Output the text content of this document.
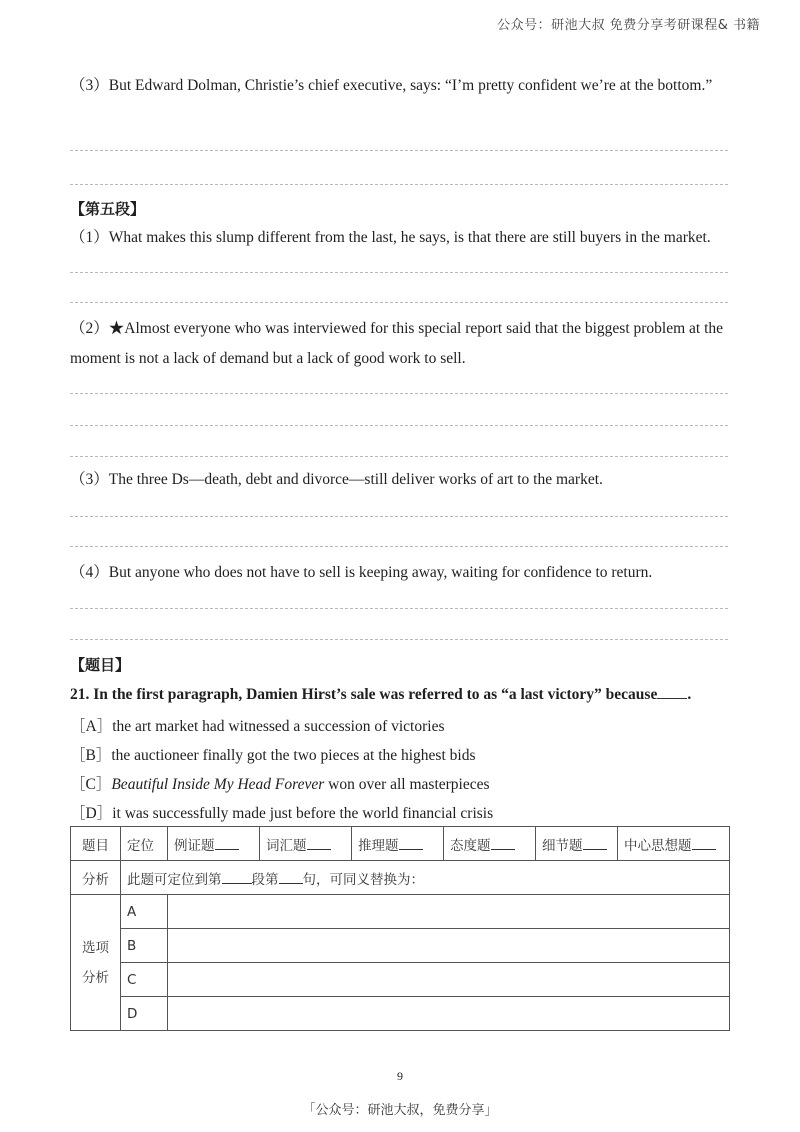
公众号：研池大叔 免费分享考研课程& 书籍
（3）But Edward Dolman, Christie’s chief executive, says: “I’m pretty confident we’re at the bottom.”
【第五段】
（1）What makes this slump different from the last, he says, is that there are still buyers in the market.
（2）★Almost everyone who was interviewed for this special report said that the biggest problem at the moment is not a lack of demand but a lack of good work to sell.
（3）The three Ds—death, debt and divorce—still deliver works of art to the market.
（4）But anyone who does not have to sell is keeping away, waiting for confidence to return.
【题目】
21. In the first paragraph, Damien Hirst’s sale was referred to as “a last victory” because .
［A］the art market had witnessed a succession of victories
［B］the auctioneer finally got the two pieces at the highest bids
［C］Beautiful Inside My Head Forever won over all masterpieces
［D］it was successfully made just before the world financial crisis
题目	定位	例证题	词汇题	推理题	态度题	细节题	中心思想题
分析	此题可定位到第 段第 句，可同义替换为：						

选项
分析	A						
	B						
	C						
	D						
9
「公众号：研池大叔，免费分享」
